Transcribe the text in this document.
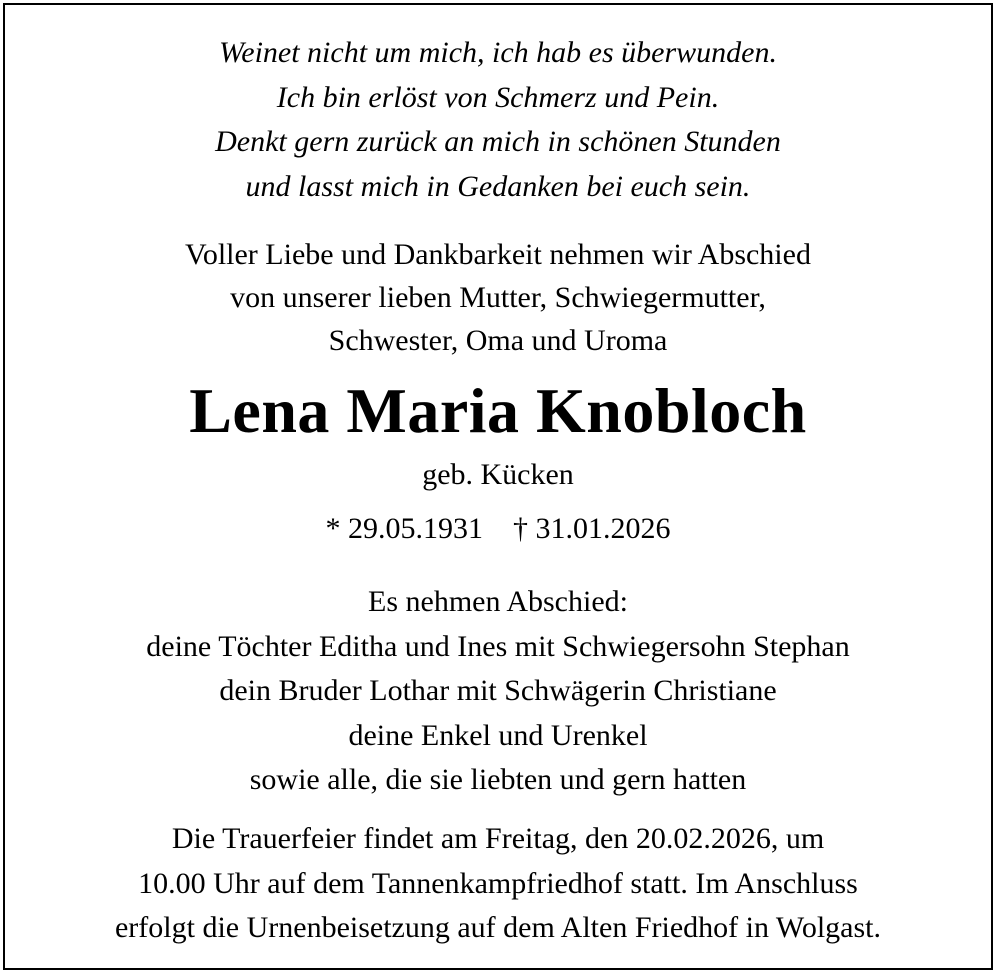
Weinet nicht um mich, ich hab es überwunden.
Ich bin erlöst von Schmerz und Pein.
Denkt gern zurück an mich in schönen Stunden
und lasst mich in Gedanken bei euch sein.
Voller Liebe und Dankbarkeit nehmen wir Abschied
von unserer lieben Mutter, Schwiegermutter,
Schwester, Oma und Uroma
Lena Maria Knobloch
geb. Kücken
* 29.05.1931 † 31.01.2026
Es nehmen Abschied:
deine Töchter Editha und Ines mit Schwiegersohn Stephan
dein Bruder Lothar mit Schwägerin Christiane
deine Enkel und Urenkel
sowie alle, die sie liebten und gern hatten
Die Trauerfeier findet am Freitag, den 20.02.2026, um
10.00 Uhr auf dem Tannenkampfriedhof statt. Im Anschluss
erfolgt die Urnenbeisetzung auf dem Alten Friedhof in Wolgast.
